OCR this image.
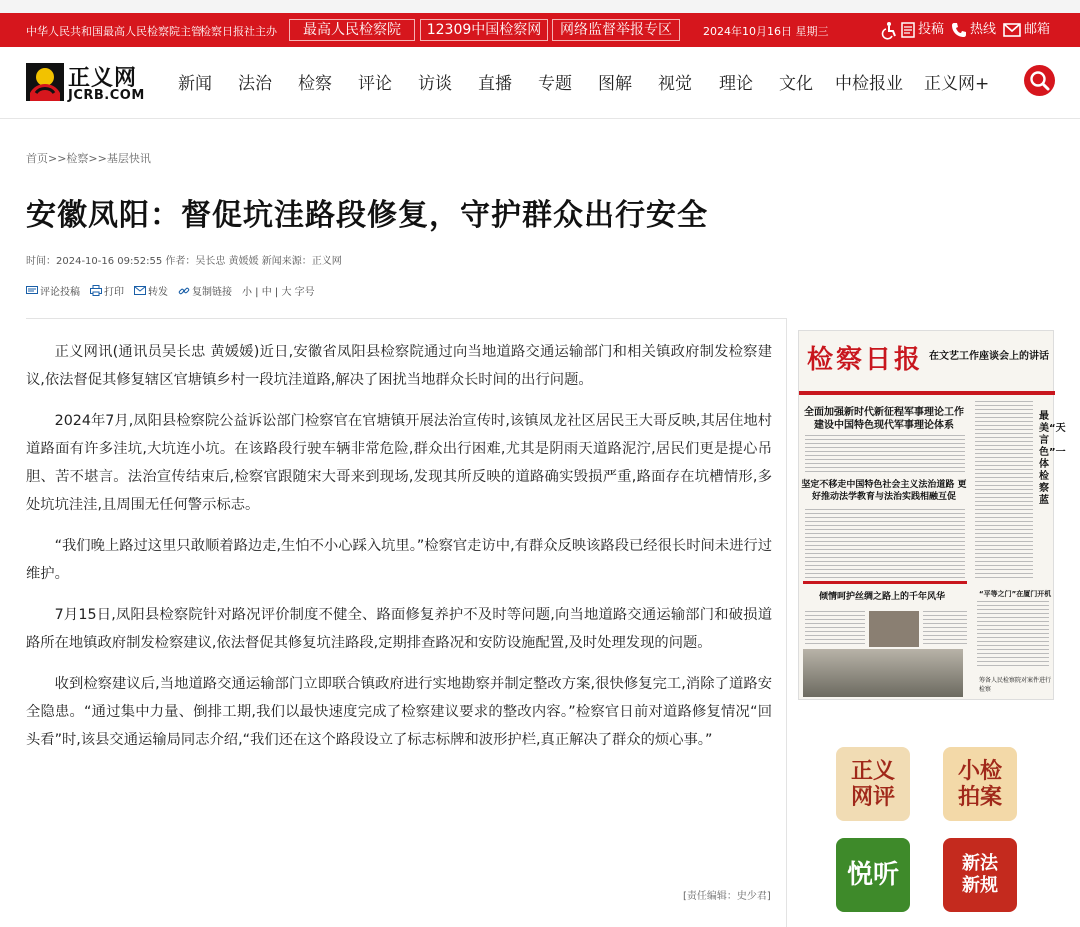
中华人民共和国最高人民检察院主管
检察日报社主办	最高人民检察院	12309中国检察网	网络监督举报专区	2024年10月16日 星期三	投稿 热线 邮箱
正义网
JCRB.COM
新闻 法治 检察 评论 访谈 直播 专题 图解 视觉 理论 文化 中检报业 正义网+
首页>>检察>>基层快讯
安徽凤阳：督促坑洼路段修复，守护群众出行安全
时间：2024-10-16 09:52:55 作者：吴长忠 黄媛媛 新闻来源：正义网
评论投稿 打印 转发 复制链接 小 | 中 | 大 字号

正义网讯(通讯员吴长忠 黄媛媛)近日,安徽省凤阳县检察院通过向当地道路交通运输部门和相关镇政府制发检察建议,依法督促其修复辖区官塘镇乡村一段坑洼道路,解决了困扰当地群众长时间的出行问题。

2024年7月,凤阳县检察院公益诉讼部门检察官在官塘镇开展法治宣传时,该镇凤龙社区居民王大哥反映,其居住地村道路面有许多洼坑,大坑连小坑。在该路段行驶车辆非常危险,群众出行困难,尤其是阴雨天道路泥泞,居民们更是提心吊胆、苦不堪言。法治宣传结束后,检察官跟随宋大哥来到现场,发现其所反映的道路确实毁损严重,路面存在坑槽情形,多处坑坑洼洼,且周围无任何警示标志。

“我们晚上路过这里只敢顺着路边走,生怕不小心踩入坑里。”检察官走访中,有群众反映该路段已经很长时间未进行过维护。

7月15日,凤阳县检察院针对路况评价制度不健全、路面修复养护不及时等问题,向当地道路交通运输部门和破损道路所在地镇政府制发检察建议,依法督促其修复坑洼路段,定期排查路况和安防设施配置,及时处理发现的问题。

收到检察建议后,当地道路交通运输部门立即联合镇政府进行实地勘察并制定整改方案,很快修复完工,消除了道路安全隐患。“通过集中力量、倒排工期,我们以最快速度完成了检察建议要求的整改内容。”检察官日前对道路修复情况“回头看”时,该县交通运输局同志介绍,“我们还在这个路段设立了标志标牌和波形护栏,真正解决了群众的烦心事。”

[责任编辑：史少君]
检察日报 在文艺工作座谈会上的讲话
全面加强新时代新征程军事理论工作 建设中国特色现代军事理论体系
坚定不移走中国特色社会主义法治道路 更好推动法学教育与法治实践相融互促
最美“天言色”一体检察蓝
倾情呵护丝绸之路上的千年风华	“平等之门”在厦门开机
筹备人民检察院对案件进行检察
正义网评
小检拍案
悦听	新法新规
